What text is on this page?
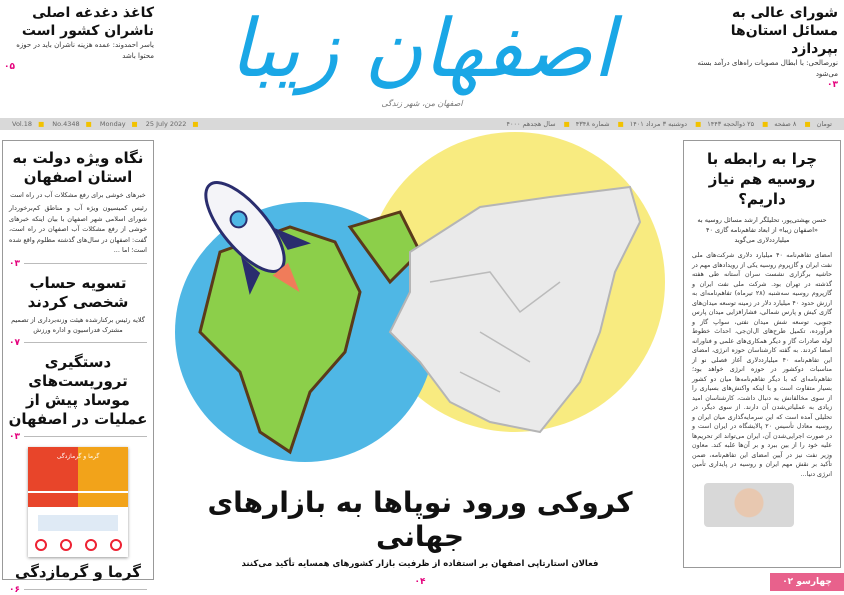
اصفهان زیبا
اصفهان من، شهر زندگی
شورای عالی به مسائل استان‌ها بپردازد
نورصالحی: با ابطال مصوبات راه‌های درآمد بسته می‌شود
۰۳
کاغذ دغدغه اصلی ناشران کشور است
یاسر احمدوند: عمده هزینه ناشران باید در حوزه محتوا باشد
۰۵
Vol.18 ■ No.4348 ■ Monday ■ 25 July 2022 ■	۴۰۰۰ تومان■ ۸ صفحه■ ۲۵ ذوالحجه ۱۴۴۳■ دوشنبه ۳ مرداد ۱۴۰۱■ شماره ۴۳۴۸■ سال هجدهم
نگاه ویژه دولت به استان اصفهان
خبرهای خوشی برای رفع مشکلات آب در راه است
رئیس کمیسیون ویژه آب و مناطق کم‌برخوردار شورای اسلامی شهر اصفهان با بیان اینکه خبرهای خوشی از رفع مشکلات آب اصفهان در راه است، گفت: اصفهان در سال‌های گذشته مظلوم واقع شده است؛ اما ...
۰۳
تسویه حساب شخصی کردند
گلایه رئیس برکنارشده هیئت وزنه‌برداری از تصمیم مشترک فدراسیون و اداره ورزش
۰۷
دستگیری تروریست‌های موساد پیش از عملیات در اصفهان
۰۳
گرما و گرمازدگی
گرما و گرمازدگی
۰۶
کروکی ورود نوپاها به بازارهای جهانی
فعالان استارتاپی اصفهان بر استفاده از ظرفیت بازار کشورهای همسایه تأکید می‌کنند
۰۴
چرا به رابطه با روسیه هم نیاز داریم؟
حسن بهشتی‌پور، تحلیلگر ارشد مسائل روسیه به «اصفهان زیبا» از ابعاد تفاهم‌نامه گازی ۴۰ میلیارددلاری می‌گوید
امضای تفاهم‌نامه ۴۰ میلیارد دلاری شرکت‌های ملی نفت ایران و گازپروم روسیه یکی از رویدادهای مهم در حاشیه برگزاری نشست سران آستانه طی هفته گذشته در تهران بود. شرکت ملی نفت ایران و گازپروم روسیه سه‌شنبه (۲۸ تیرماه) تفاهم‌نامه‌ای به ارزش حدود ۴۰ میلیارد دلار در زمینه توسعه میدان‌های گازی کیش و پارس شمالی، فشارافزایی میدان پارس جنوبی، توسعه شش میدان نفتی، سواپ گاز و فرآورده، تکمیل طرح‌های ال‌ان‌جی، احداث خطوط لوله صادرات گاز و دیگر همکاری‌های علمی و فناورانه امضا کردند. به گفته کارشناسان حوزه انرژی، امضای این تفاهم‌نامه ۴۰ میلیارددلاری آغاز فصلی نو از مناسبات دوکشور در حوزه انرژی خواهد بود؛ تفاهم‌نامه‌ای که با دیگر تفاهم‌نامه‌ها میان دو کشور بسیار متفاوت است و با اینکه واکنش‌های بسیاری را از سوی مخالفانش به دنبال داشت، کارشناسان امید زیادی به عملیاتی‌شدن آن دارند. از سوی دیگر، در تحلیلی آمده است که این سرمایه‌گذاری میان ایران و روسیه معادل تأسیس ۲۰ پالایشگاه در ایران است و در صورت اجرایی‌شدن آن، ایران می‌تواند اثر تحریم‌ها علیه خود را از بین ببرد و بر آن‌ها غلبه کند. معاون وزیر نفت نیز در آیین امضای این تفاهم‌نامه، ضمن تأکید بر نقش مهم ایران و روسیه در پایداری تأمین انرژی دنیا...
چهارسو ۰۲
